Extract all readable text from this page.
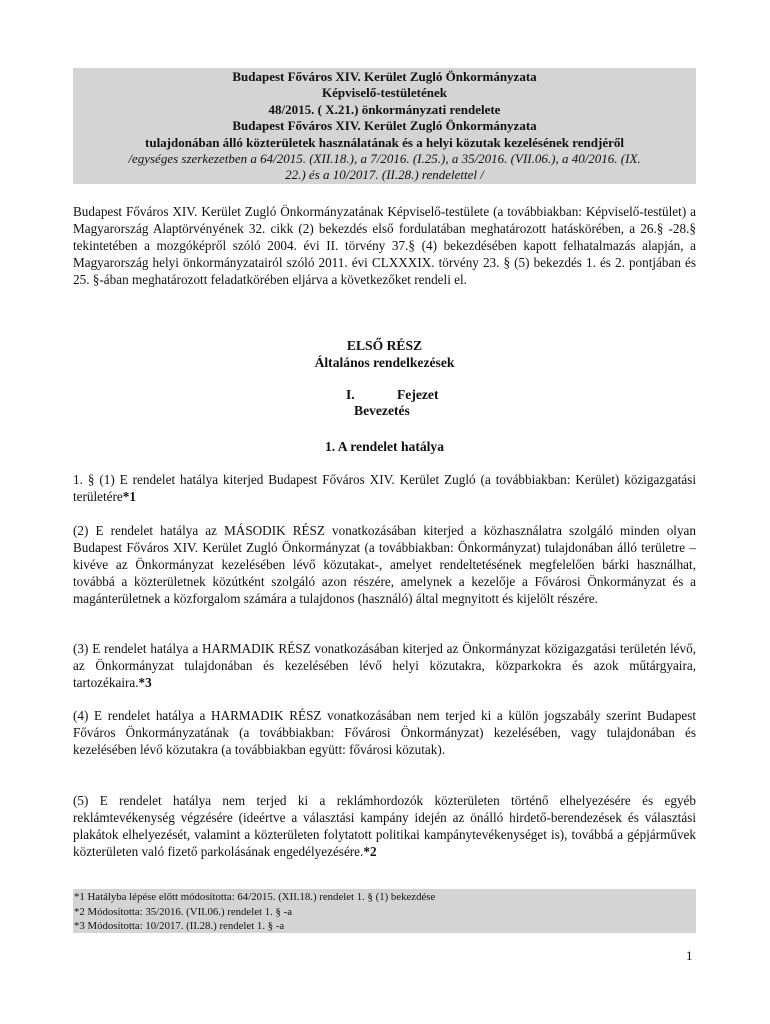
Budapest Főváros XIV. Kerület Zugló Önkormányzata
Képviselő-testületének
48/2015. ( X.21.) önkormányzati rendelete
Budapest Főváros XIV. Kerület Zugló Önkormányzata
tulajdonában álló közterületek használatának és a helyi közutak kezelésének rendjéről
/egységes szerkezetben a 64/2015. (XII.18.), a 7/2016. (I.25.), a 35/2016. (VII.06.), a 40/2016. (IX.
22.) és a 10/2017. (II.28.) rendelettel /

Budapest Főváros XIV. Kerület Zugló Önkormányzatának Képviselő-testülete (a továbbiakban: Képviselő-testület) a Magyarország Alaptörvényének 32. cikk (2) bekezdés első fordulatában meghatározott hatáskörében, a 26.§ -28.§ tekintetében a mozgóképről szóló 2004. évi II. törvény 37.§ (4) bekezdésében kapott felhatalmazás alapján, a Magyarország helyi önkormányzatairól szóló 2011. évi CLXXXIX. törvény 23. § (5) bekezdés 1. és 2. pontjában és 25. §-ában meghatározott feladatkörében eljárva a következőket rendeli el.

ELSŐ RÉSZ

Általános rendelkezések

I.	Fejezet
Bevezetés

1. A rendelet hatálya

1. § (1) E rendelet hatálya kiterjed Budapest Főváros XIV. Kerület Zugló (a továbbiakban: Kerület) közigazgatási területére*1

(2) E rendelet hatálya az MÁSODIK RÉSZ vonatkozásában kiterjed a közhasználatra szolgáló minden olyan Budapest Főváros XIV. Kerület Zugló Önkormányzat (a továbbiakban: Önkormányzat) tulajdonában álló területre – kivéve az Önkormányzat kezelésében lévő közutakat-, amelyet rendeltetésének megfelelően bárki használhat, továbbá a közterületnek közútként szolgáló azon részére, amelynek a kezelője a Fővárosi Önkormányzat és a magánterületnek a közforgalom számára a tulajdonos (használó) által megnyitott és kijelölt részére.

(3) E rendelet hatálya a HARMADIK RÉSZ vonatkozásában kiterjed az Önkormányzat közigazgatási területén lévő, az Önkormányzat tulajdonában és kezelésében lévő helyi közutakra, közparkokra és azok műtárgyaira, tartozékaira.*3

(4) E rendelet hatálya a HARMADIK RÉSZ vonatkozásában nem terjed ki a külön jogszabály szerint Budapest Főváros Önkormányzatának (a továbbiakban: Fővárosi Önkormányzat) kezelésében, vagy tulajdonában és kezelésében lévő közutakra (a továbbiakban együtt: fővárosi közutak).

(5) E rendelet hatálya nem terjed ki a reklámhordozók közterületen történő elhelyezésére és egyéb reklámtevékenység végzésére (ideértve a választási kampány idején az önálló hirdető-berendezések és választási plakátok elhelyezését, valamint a közterületen folytatott politikai kampánytevékenységet is), továbbá a gépjárművek közterületen való fizető parkolásának engedélyezésére.*2

*1 Hatályba lépése előtt módosította: 64/2015. (XII.18.) rendelet 1. § (1) bekezdése
*2 Módosította: 35/2016. (VII.06.) rendelet 1. § -a
*3 Módosította: 10/2017. (II.28.) rendelet 1. § -a
1
